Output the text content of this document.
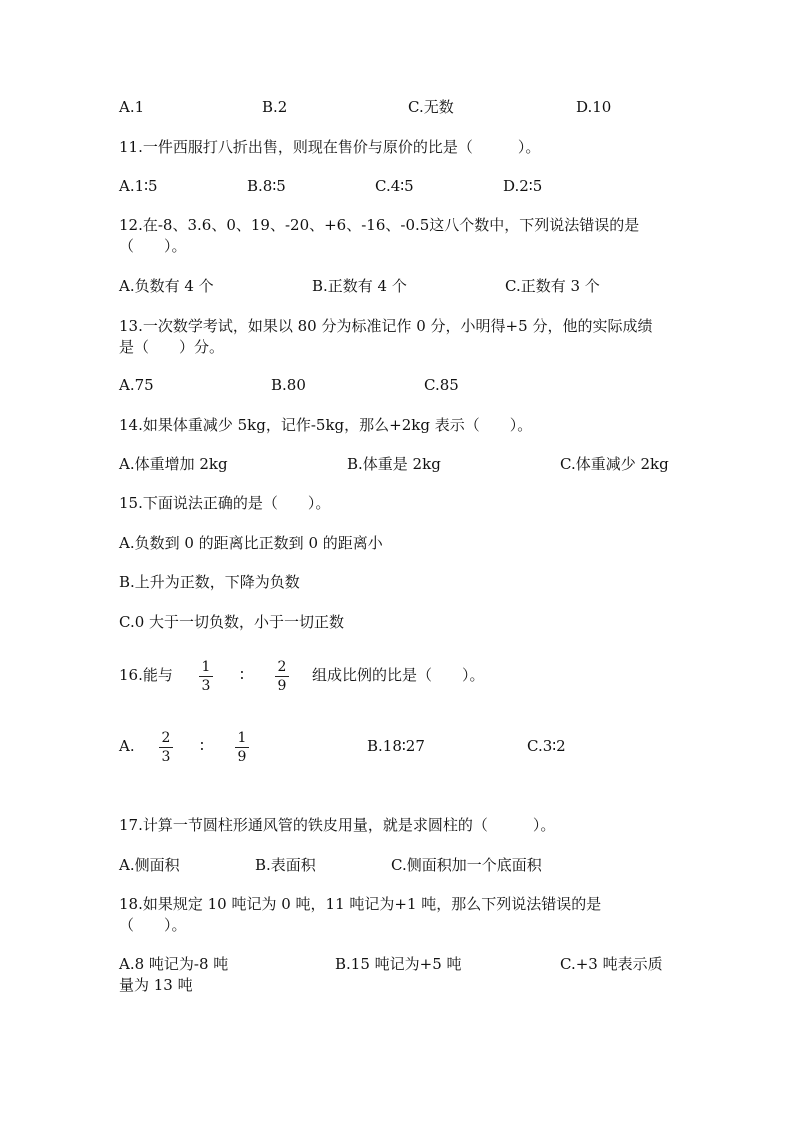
A.1	B.2	C.无数	D.10
11.一件西服打八折出售，则现在售价与原价的比是（　　　）。
A.1∶5	B.8∶5	C.4∶5	D.2∶5
12.在-8、3.6、0、19、-20、+6、-16、-0.5这八个数中，下列说法错误的是
（　　）。
A.负数有 4 个	B.正数有 4 个	C.正数有 3 个
13.一次数学考试，如果以 80 分为标准记作 0 分，小明得+5 分，他的实际成绩
是（　　）分。
A.75	B.80	C.85
14.如果体重减少 5kg，记作-5kg，那么+2kg 表示（　　）。
A.体重增加 2kg	B.体重是 2kg	C.体重减少 2kg
15.下面说法正确的是（　　）。
A.负数到 0 的距离比正数到 0 的距离小
B.上升为正数，下降为负数
C.0 大于一切负数，小于一切正数
16.能与 1
3
∶ 2
9
组成比例的比是（　　）。
A. 2
3
∶ 1
9
B.18∶27	C.3∶2
17.计算一节圆柱形通风管的铁皮用量，就是求圆柱的（　　　）。
A.侧面积	B.表面积	C.侧面积加一个底面积
18.如果规定 10 吨记为 0 吨，11 吨记为+1 吨，那么下列说法错误的是
（　　）。
A.8 吨记为-8 吨	B.15 吨记为+5 吨	C.+3 吨表示质
量为 13 吨
